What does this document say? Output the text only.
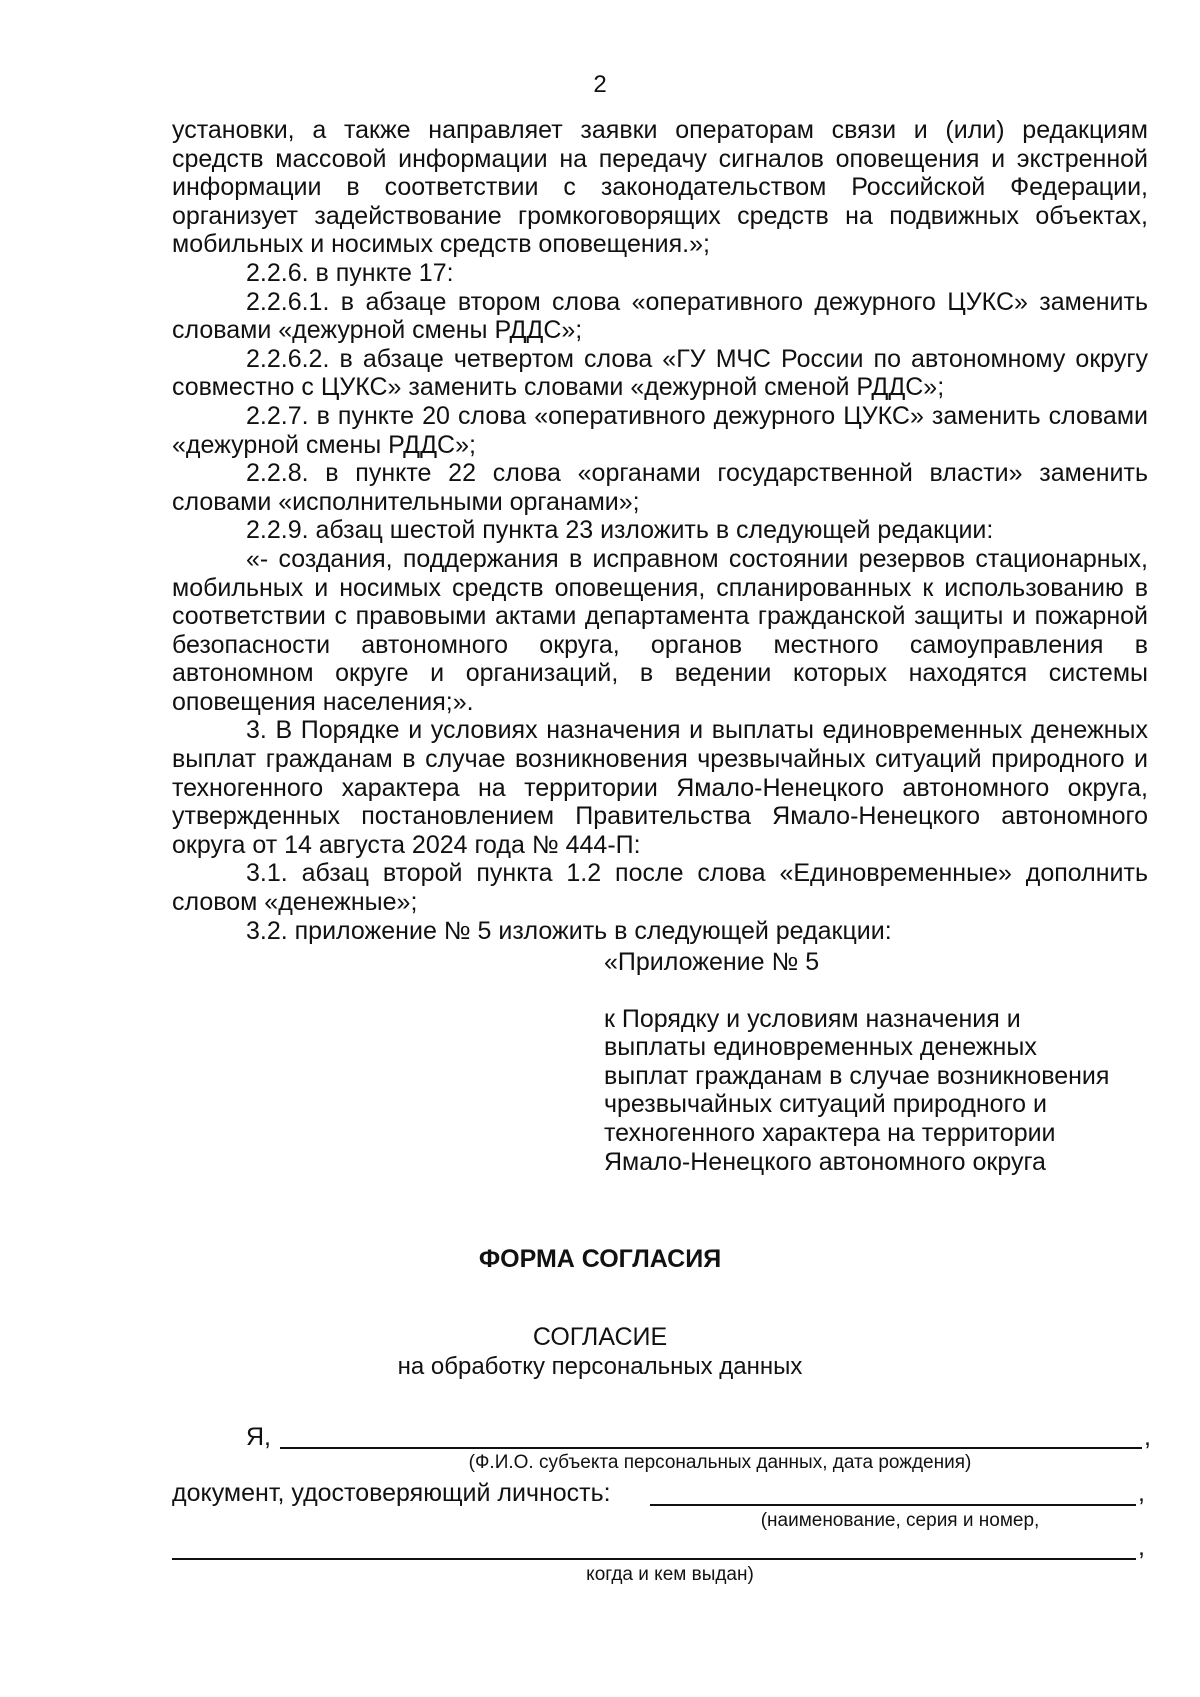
2

установки, а также направляет заявки операторам связи и (или) редакциям средств массовой информации на передачу сигналов оповещения и экстренной информации в соответствии с законодательством Российской Федерации, организует задействование громкоговорящих средств на подвижных объектах, мобильных и носимых средств оповещения.»;

2.2.6. в пункте 17:

2.2.6.1. в абзаце втором слова «оперативного дежурного ЦУКС» заменить словами «дежурной смены РДДС»;

2.2.6.2. в абзаце четвертом слова «ГУ МЧС России по автономному округу совместно с ЦУКС» заменить словами «дежурной сменой РДДС»;

2.2.7. в пункте 20 слова «оперативного дежурного ЦУКС» заменить словами «дежурной смены РДДС»;

2.2.8. в пункте 22 слова «органами государственной власти» заменить словами «исполнительными органами»;

2.2.9. абзац шестой пункта 23 изложить в следующей редакции:

«- создания, поддержания в исправном состоянии резервов стационарных, мобильных и носимых средств оповещения, спланированных к использованию в соответствии с правовыми актами департамента гражданской защиты и пожарной безопасности автономного округа, органов местного самоуправления в автономном округе и организаций, в ведении которых находятся системы оповещения населения;».

3. В Порядке и условиях назначения и выплаты единовременных денежных выплат гражданам в случае возникновения чрезвычайных ситуаций природного и техногенного характера на территории Ямало-Ненецкого автономного округа, утвержденных постановлением Правительства Ямало-Ненецкого автономного округа от 14 августа 2024 года № 444-П:

3.1. абзац второй пункта 1.2 после слова «Единовременные» дополнить словом «денежные»;

3.2. приложение № 5 изложить в следующей редакции:

«Приложение № 5

к Порядку и условиям назначения и

выплаты единовременных денежных

выплат гражданам в случае возникновения

чрезвычайных ситуаций природного и

техногенного характера на территории

Ямало-Ненецкого автономного округа

ФОРМА СОГЛАСИЯ
СОГЛАСИЕ
на обработку персональных данных
Я,	,
(Ф.И.О. субъекта персональных данных, дата рождения)
документ, удостоверяющий личность:	,
(наименование, серия и номер,
,
когда и кем выдан)
